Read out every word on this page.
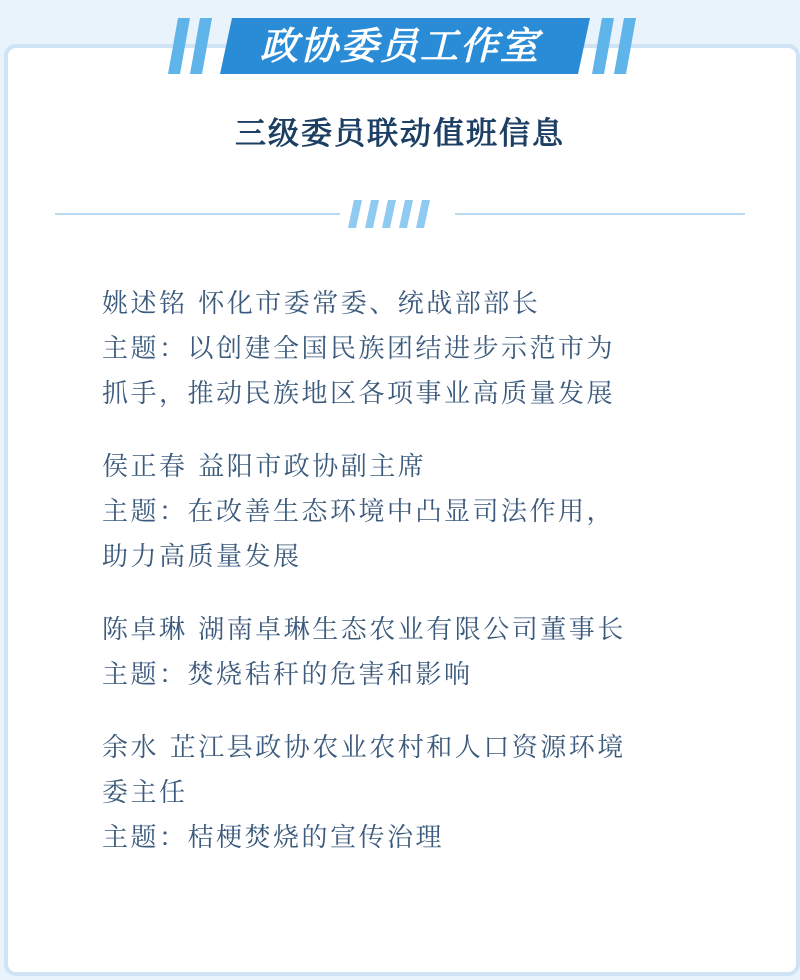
政协委员工作室
三级委员联动值班信息

姚述铭 怀化市委常委、统战部部长

主题：以创建全国民族团结进步示范市为

抓手，推动民族地区各项事业高质量发展

侯正春 益阳市政协副主席

主题：在改善生态环境中凸显司法作用，

助力高质量发展

陈卓琳 湖南卓琳生态农业有限公司董事长

主题：焚烧秸秆的危害和影响

余水 芷江县政协农业农村和人口资源环境

委主任

主题：桔梗焚烧的宣传治理
